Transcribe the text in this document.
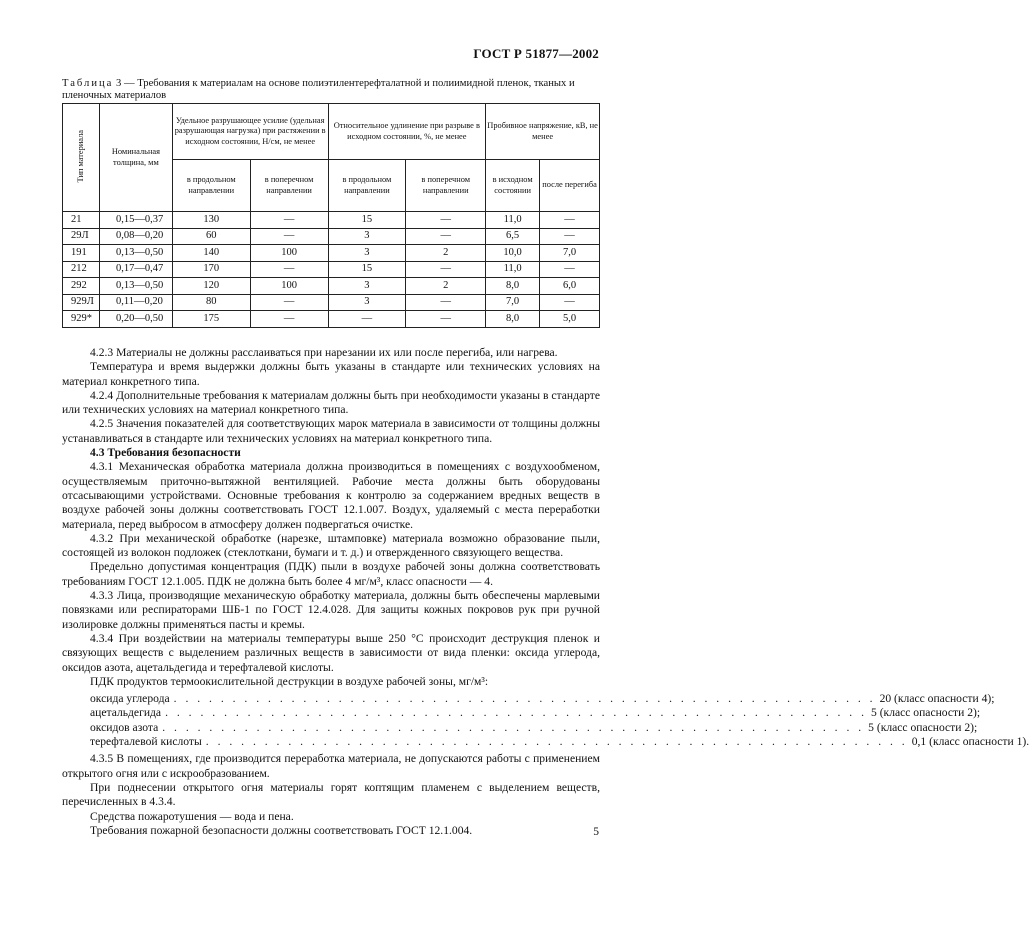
ГОСТ Р 51877—2002
Таблица 3 — Требования к материалам на основе полиэтилентерефталатной и полиимидной пленок, тканых и пленочных материалов
Тип материала	Номинальная толщина, мм	Удельное разрушающее усилие (удельная разрушающая нагрузка) при растяжении в исходном состоянии, Н/см, не менее		Относительное удлинение при разрыве в исходном состоянии, %, не менее		Пробивное напряжение, кВ, не менее	
		в продольном направлении	в поперечном направлении	в продольном направлении	в поперечном направлении	в исходном состоянии	после перегиба
21	0,15—0,37	130	—	15	—	11,0	—
29Л	0,08—0,20	60	—	3	—	6,5	—
191	0,13—0,50	140	100	3	2	10,0	7,0
212	0,17—0,47	170	—	15	—	11,0	—
292	0,13—0,50	120	100	3	2	8,0	6,0
929Л	0,11—0,20	80	—	3	—	7,0	—
929*	0,20—0,50	175	—	—	—	8,0	5,0

4.2.3 Материалы не должны расслаиваться при нарезании их или после перегиба, или нагрева.

Температура и время выдержки должны быть указаны в стандарте или технических условиях на материал конкретного типа.

4.2.4 Дополнительные требования к материалам должны быть при необходимости указаны в стандарте или технических условиях на материал конкретного типа.

4.2.5 Значения показателей для соответствующих марок материала в зависимости от толщины должны устанавливаться в стандарте или технических условиях на материал конкретного типа.

4.3 Требования безопасности

4.3.1 Механическая обработка материала должна производиться в помещениях с воздухообменом, осуществляемым приточно-вытяжной вентиляцией. Рабочие места должны быть оборудованы отсасывающими устройствами. Основные требования к контролю за содержанием вредных веществ в воздухе рабочей зоны должны соответствовать ГОСТ 12.1.007. Воздух, удаляемый с места переработки материала, перед выбросом в атмосферу должен подвергаться очистке.

4.3.2 При механической обработке (нарезке, штамповке) материала возможно образование пыли, состоящей из волокон подложек (стеклоткани, бумаги и т. д.) и отвержденного связующего вещества.

Предельно допустимая концентрация (ПДК) пыли в воздухе рабочей зоны должна соответствовать требованиям ГОСТ 12.1.005. ПДК не должна быть более 4 мг/м³, класс опасности — 4.

4.3.3 Лица, производящие механическую обработку материала, должны быть обеспечены марлевыми повязками или респираторами ШБ-1 по ГОСТ 12.4.028. Для защиты кожных покровов рук при ручной изолировке должны применяться пасты и кремы.

4.3.4 При воздействии на материалы температуры выше 250 °С происходит деструкция пленок и связующих веществ с выделением различных веществ в зависимости от вида пленки: оксида углерода, оксидов азота, ацетальдегида и терефталевой кислоты.

ПДК продуктов термоокислительной деструкции в воздухе рабочей зоны, мг/м³:

оксида углерода . . . . . . . . . . . . . . . . . . . . . . . . . . . . . . . . . . . . . . . . . . . . . . . . . . . . . . . . . . . . 20 (класс опасности 4);
ацетальдегида . . . . . . . . . . . . . . . . . . . . . . . . . . . . . . . . . . . . . . . . . . . . . . . . . . . . . . . . . . . . 5 (класс опасности 2);
оксидов азота . . . . . . . . . . . . . . . . . . . . . . . . . . . . . . . . . . . . . . . . . . . . . . . . . . . . . . . . . . . . 5 (класс опасности 2);
терефталевой кислоты . . . . . . . . . . . . . . . . . . . . . . . . . . . . . . . . . . . . . . . . . . . . . . . . . . . . . . . . . . . . 0,1 (класс опасности 1).

4.3.5 В помещениях, где производится переработка материала, не допускаются работы с применением открытого огня или с искрообразованием.

При поднесении открытого огня материалы горят коптящим пламенем с выделением веществ, перечисленных в 4.3.4.

Средства пожаротушения — вода и пена.

Требования пожарной безопасности должны соответствовать ГОСТ 12.1.004.	5
